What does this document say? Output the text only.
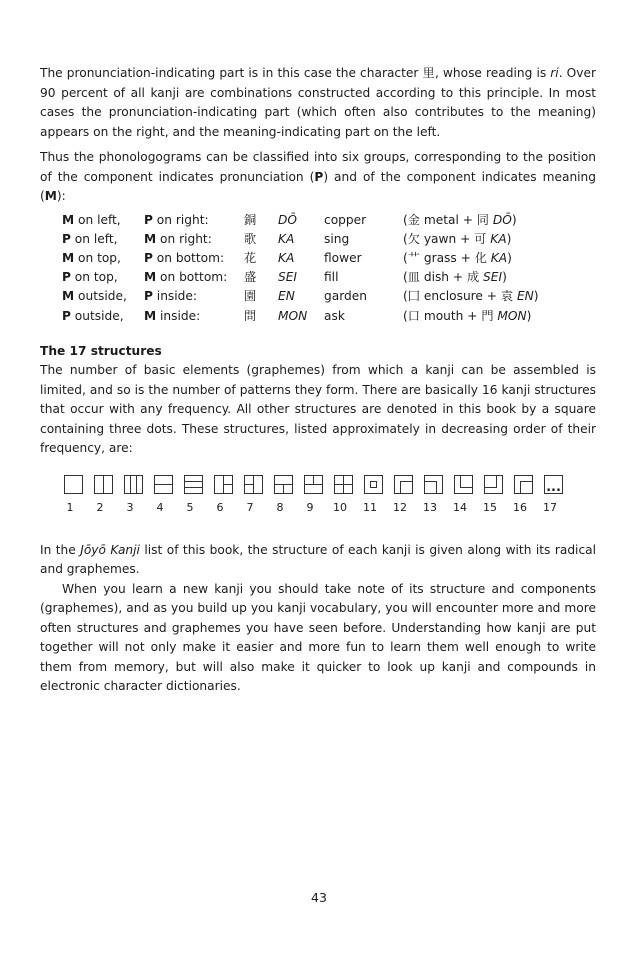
The pronunciation-indicating part is in this case the character 里, whose reading is ri. Over 90 percent of all kanji are combinations constructed according to this principle. In most cases the pronunciation-indicating part (which often also contributes to the meaning) appears on the right, and the meaning-indicating part on the left.

Thus the phonologograms can be classified into six groups, corresponding to the position of the component indicates pronunciation (P) and of the component indicates meaning (M):

M on left,	P on right:	銅	DŌ	copper	(金 metal + 同 DŌ)
P on left,	M on right:	歌	KA	sing	(欠 yawn + 可 KA)
M on top,	P on bottom:	花	KA	flower	(艹 grass + 化 KA)
P on top,	M on bottom:	盛	SEI	fill	(皿 dish + 成 SEI)
M outside,	P inside:	園	EN	garden	(囗 enclosure + 袁 EN)
P outside,	M inside:	問	MON	ask	(口 mouth + 門 MON)
The 17 structures

The number of basic elements (graphemes) from which a kanji can be assembled is limited, and so is the number of patterns they form. There are basically 16 kanji structures that occur with any frequency. All other structures are denoted in this book by a square containing three dots. These structures, listed approximately in decreasing order of their frequency, are:

...
1	2	3	4	5	6	7	8	9	10 11 12 13 14 15 16 17

In the Jōyō Kanji list of this book, the structure of each kanji is given along with its radical and graphemes.

When you learn a new kanji you should take note of its structure and components (graphemes), and as you build up you kanji vocabulary, you will encounter more and more often structures and graphemes you have seen before. Understanding how kanji are put together will not only make it easier and more fun to learn them well enough to write them from memory, but will also make it quicker to look up kanji and compounds in electronic character dictionaries.

43
